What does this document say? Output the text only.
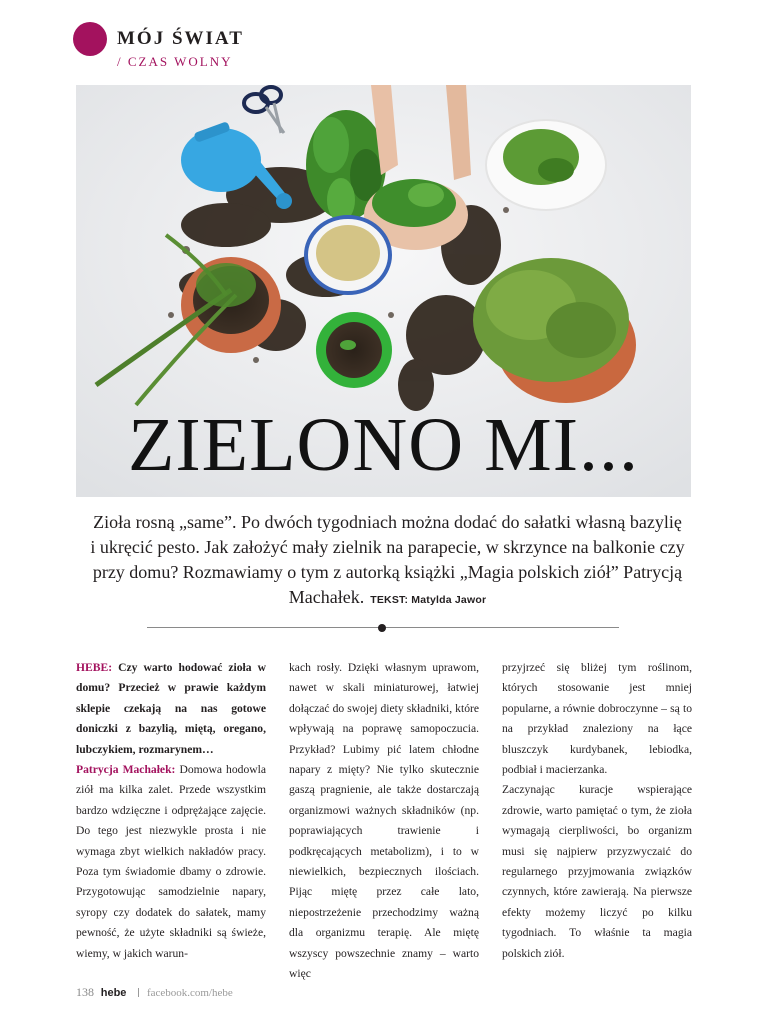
MÓJ ŚWIAT
/ CZAS WOLNY
ZIELONO MI...
Zioła rosną „same”. Po dwóch tygodniach można dodać do sałatki własną bazylię i ukręcić pesto. Jak założyć mały zielnik na parapecie, w skrzynce na balkonie czy przy domu? Rozmawiamy o tym z autorką książki „Magia polskich ziół” Patrycją Machałek. TEKST: Matylda Jawor

HEBE: Czy warto hodować zioła w domu? Przecież w prawie każdym sklepie czekają na nas gotowe doniczki z bazylią, miętą, oregano, lubczykiem, rozmarynem…

Patrycja Machałek: Domowa hodowla ziół ma kilka zalet. Przede wszystkim bardzo wdzięczne i odprężające zajęcie. Do tego jest niezwykle prosta i nie wymaga zbyt wielkich nakładów pracy. Poza tym świadomie dbamy o zdrowie. Przygotowując samodzielnie napary, syropy czy dodatek do sałatek, mamy pewność, że użyte składniki są świeże, wiemy, w jakich warun-

kach rosły. Dzięki własnym uprawom, nawet w skali miniaturowej, łatwiej dołączać do swojej diety składniki, które wpływają na poprawę samopoczucia. Przykład? Lubimy pić latem chłodne napary z mięty? Nie tylko skutecznie gaszą pragnienie, ale także dostarczają organizmowi ważnych składników (np. poprawiających trawienie i podkręcających metabolizm), i to w niewielkich, bezpiecznych ilościach. Pijąc miętę przez całe lato, niepostrzeżenie przechodzimy ważną dla organizmu terapię. Ale miętę wszyscy powszechnie znamy – warto więc

przyjrzeć się bliżej tym roślinom, których stosowanie jest mniej popularne, a równie dobroczynne – są to na przykład znaleziony na łące bluszczyk kurdybanek, lebiodka, podbiał i macierzanka.

Zaczynając kuracje wspierające zdrowie, warto pamiętać o tym, że zioła wymagają cierpliwości, bo organizm musi się najpierw przyzwyczaić do regularnego przyjmowania związków czynnych, które zawierają. Na pierwsze efekty możemy liczyć po kilku tygodniach. To właśnie ta magia polskich ziół.

138 hebe facebook.com/hebe
